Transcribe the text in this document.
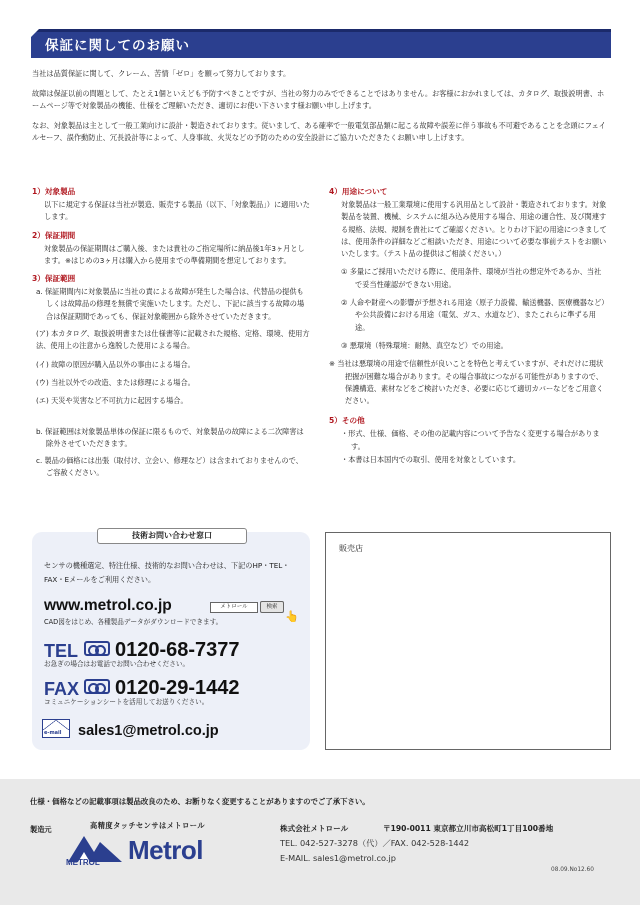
保証に関してのお願い

当社は品質保証に関して、クレーム、苦情「ゼロ」を願って努力しております。

故障は保証以前の問題として、たとえ1個といえども予防すべきことですが、当社の努力のみでできることではありません。お客様におかれましては、カタログ、取扱説明書、ホームページ等で対象製品の機能、仕様をご理解いただき、適切にお使い下さいます様お願い申し上げます。

なお、対象製品は主として一般工業向けに設計・製造されております。従いまして、ある確率で一般電気部品類に起こる故障や誤差に伴う事故も不可避であることを念頭にフェイルセーフ、誤作動防止、冗長設計等によって、人身事故、火災などの予防のための安全設計にご協力いただきたくお願い申し上げます。

1）対象製品
以下に規定する保証は当社が製造、販売する製品（以下、「対象製品」）に適用いたします。
2）保証期間
対象製品の保証期間はご購入後、または貴社のご指定場所に納品後1年3ヶ月とします。※はじめの3ヶ月は購入から使用までの準備期間を想定しております。
3）保証範囲
a. 保証期間内に対象製品に当社の責による故障が発生した場合は、代替品の提供もしくは故障品の修理を無償で実施いたします。ただし、下記に該当する故障の場合は保証期間であっても、保証対象範囲から除外させていただきます。
(ア) 本カタログ、取扱説明書または仕様書等に記載された規格、定格、環境、使用方法、使用上の注意から逸脱した使用による場合。
(イ) 故障の原因が購入品以外の事由による場合。
(ウ) 当社以外での改造、または修理による場合。
(エ) 天災や災害など不可抗力に起因する場合。
b. 保証範囲は対象製品単体の保証に限るもので、対象製品の故障による二次障害は除外させていただきます。
c. 製品の価格には出張（取付け、立会い、修理など）は含まれておりませんので、ご容赦ください。
4）用途について
対象製品は一般工業環境に使用する汎用品として設計・製造されております。対象製品を装置、機械、システムに組み込み使用する場合、用途の適合性、及び関連する規格、法規、規制を貴社にてご確認ください。とりわけ下記の用途につきましては、使用条件の詳細などご相談いただき、用途について必要な事前テストをお願いいたします。（テスト品の提供はご相談ください。）
① 多量にご採用いただける際に、使用条件、環境が当社の想定外であるか、当社で妥当性確認ができない用途。
② 人命や財産への影響が予想される用途（原子力設備、輸送機器、医療機器など）や公共設備における用途（電気、ガス、水道など）、またこれらに準ずる用途。
③ 悪環境（特殊環境：耐熱、真空など）での用途。
※ 当社は悪環境の用途で信頼性が良いことを特色と考えていますが、それだけに現状把握が困難な場合があります。その場合事故につながる可能性がありますので、保護構造、素材などをご検討いただき、必要に応じて適切カバーなどをご用意ください。
5）その他
・形式、仕様、価格、その他の記載内容について予告なく変更する場合があります。
・本書は日本国内での取引、使用を対象としています。
技術お問い合わせ窓口
センサの機種選定、特注仕様、技術的なお問い合わせは、下記のHP・TEL・FAX・Eメールをご利用ください。
www.metrol.co.jp	メトロール	検索
👆
CAD図をはじめ、各種製品データがダウンロードできます。
TEL 0120-68-7377
お急ぎの場合はお電話でお問い合わせください。
FAX 0120-29-1442
コミュニケーションシートを活用してお送りください。
e-mail sales1@metrol.co.jp
販売店
仕様・価格などの記載事項は製品改良のため、お断りなく変更することがありますのでご了承下さい。
製造元	高精度タッチセンサはメトロール
METROL Metrol
株式会社メトロール	〒190-0011 東京都立川市高松町1丁目100番地
TEL. 042-527-3278（代）／FAX. 042-528-1442
E-MAIL. sales1@metrol.co.jp
08.09.No12.60
